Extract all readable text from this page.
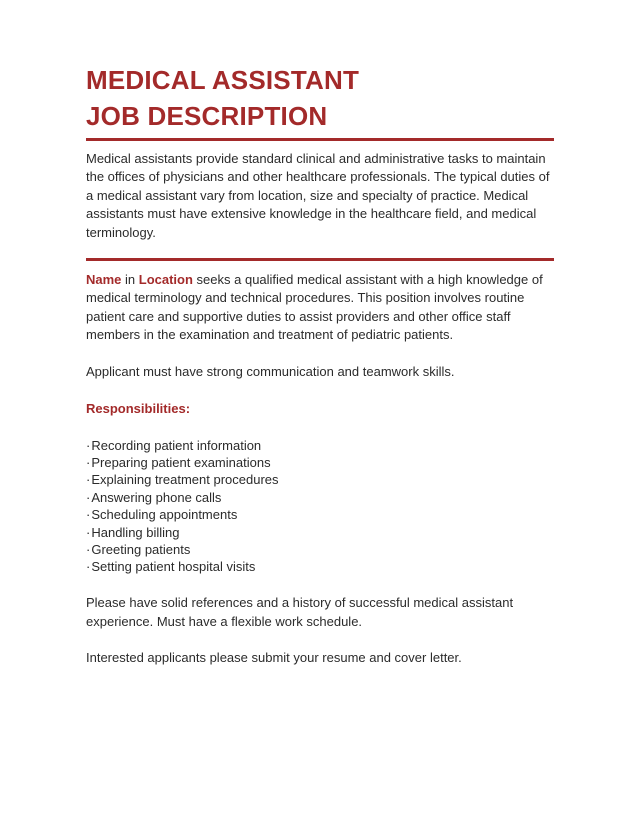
MEDICAL ASSISTANT
JOB DESCRIPTION

Medical assistants provide standard clinical and administrative tasks to maintain the offices of physicians and other healthcare professionals. The typical duties of a medical assistant vary from location, size and specialty of practice. Medical assistants must have extensive knowledge in the healthcare field, and medical terminology.

Name in Location seeks a qualified medical assistant with a high knowledge of medical terminology and technical procedures. This position involves routine patient care and supportive duties to assist providers and other office staff members in the examination and treatment of pediatric patients.

Applicant must have strong communication and teamwork skills.

Responsibilities:

·Recording patient information
·Preparing patient examinations
·Explaining treatment procedures
·Answering phone calls
·Scheduling appointments
·Handling billing
·Greeting patients
·Setting patient hospital visits

Please have solid references and a history of successful medical assistant experience. Must have a flexible work schedule.

Interested applicants please submit your resume and cover letter.
